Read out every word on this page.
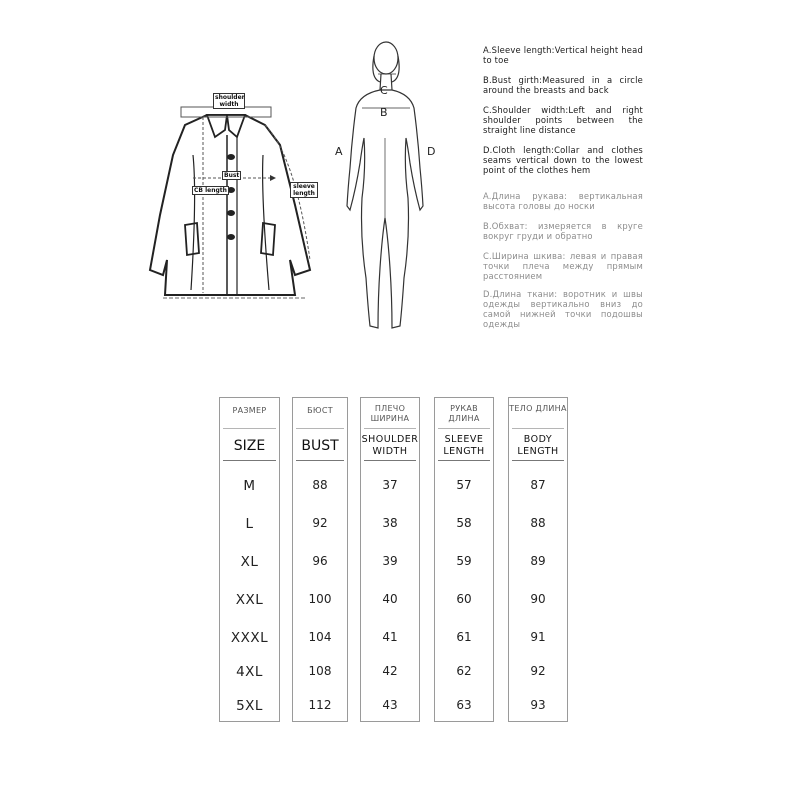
shoulder width
Bust
CB length
sleeve length
A
B
C
D
A.Sleeve length:Vertical height head to toe
B.Bust girth:Measured in a circle around the breasts and back
C.Shoulder width:Left and right shoulder points between the straight line distance
D.Cloth length:Collar and clothes seams vertical down to the lowest point of the clothes hem
A.Длина рукава: вертикальная высота головы до носки
B.Обхват: измеряется в круге вокруг груди и обратно
C.Ширина шкива: левая и правая точки плеча между прямым расстоянием
D.Длина ткани: воротник и швы одежды вертикально вниз до самой нижней точки подошвы одежды
РАЗМЕР
SIZE
M
L
XL
XXL
XXXL
4XL
5XL
БЮСТ
BUST
88
92
96
100
104
108
112
ПЛЕЧО ШИРИНА
SHOULDER WIDTH
37
38
39
40
41
42
43
РУКАВ ДЛИНА
SLEEVE LENGTH
57
58
59
60
61
62
63
ТЕЛО ДЛИНА
BODY LENGTH
87
88
89
90
91
92
93
